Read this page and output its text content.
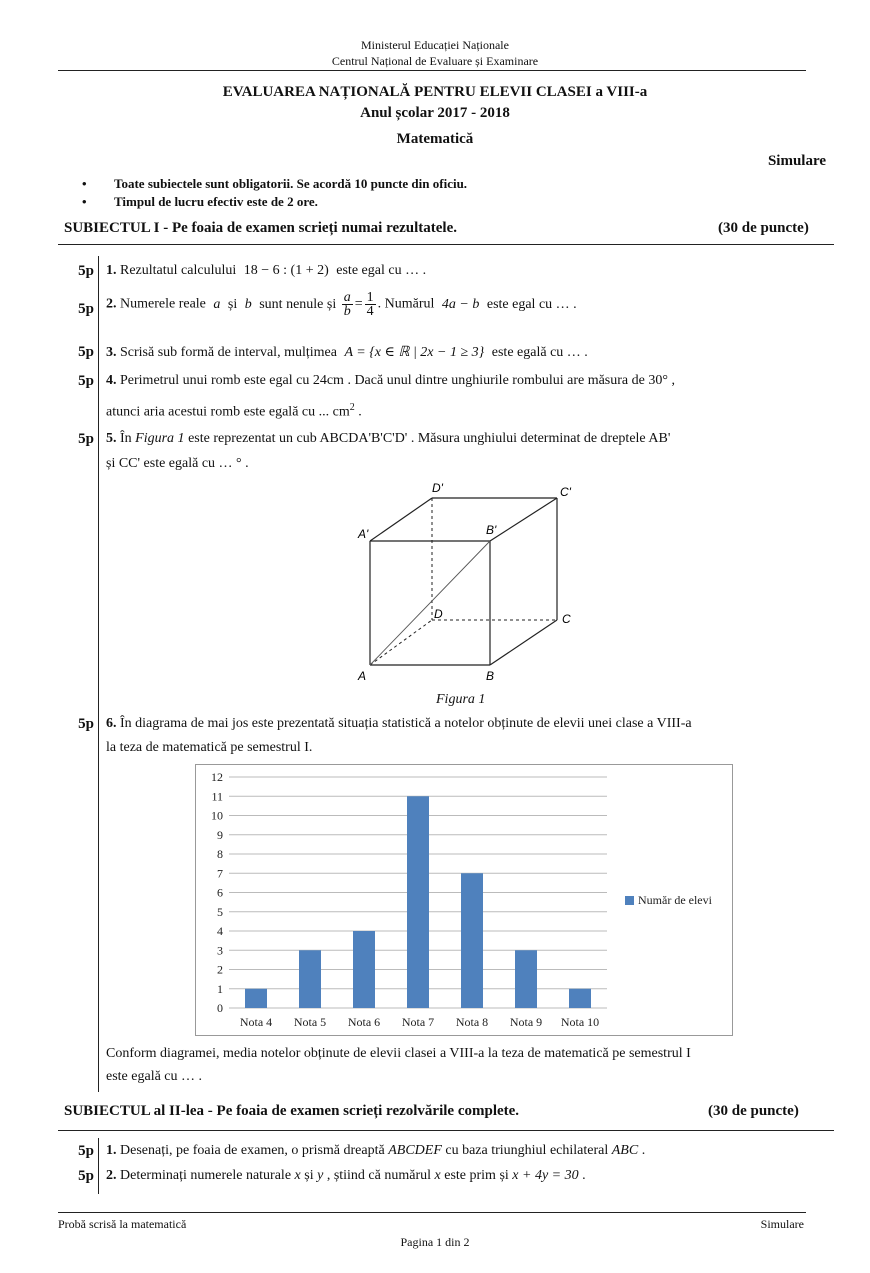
Ministerul Educației Naționale
Centrul Național de Evaluare și Examinare
EVALUAREA NAȚIONALĂ PENTRU ELEVII CLASEI a VIII-a
Anul școlar 2017 - 2018
Matematică
Simulare
• Toate subiectele sunt obligatorii. Se acordă 10 puncte din oficiu.
• Timpul de lucru efectiv este de 2 ore.
SUBIECTUL I - Pe foaia de examen scrieți numai rezultatele.	(30 de puncte)
5p 1. Rezultatul calculului 18 − 6 : (1 + 2) este egal cu … .
5p 2. Numerele reale a și b sunt nenule și $\frac{a}{b} = \frac{1}{4}$ . Numărul 4a − b este egal cu … .
5p 3. Scrisă sub formă de interval, mulțimea A = {x ∈ ℝ | 2x − 1 ≥ 3} este egală cu … .
5p 4. Perimetrul unui romb este egal cu 24cm . Dacă unul dintre unghiurile rombului are măsura de 30° ,
atunci aria acestui romb este egală cu ... $cm^2$ .
5p 5. În Figura 1 este reprezentat un cub ABCDA'B'C'D' . Măsura unghiului determinat de dreptele AB'
și CC' este egală cu … ° .
A	B
C
D
A'	B'
C'
D'
Figura 1
5p 6. În diagrama de mai jos este prezentată situația statistică a notelor obținute de elevii unei clase a VIII-a
la teza de matematică pe semestrul I.
0
1
2
3
4
5
6
7
8
9
10
11
12
Nota 4 Nota 5 Nota 6 Nota 7 Nota 8 Nota 9 Nota 10
Număr de elevi
Conform diagramei, media notelor obținute de elevii clasei a VIII-a la teza de matematică pe semestrul I
este egală cu … .
SUBIECTUL al II-lea - Pe foaia de examen scrieți rezolvările complete.	(30 de puncte)
5p 1. Desenați, pe foaia de examen, o prismă dreaptă ABCDEF cu baza triunghiul echilateral ABC .
5p 2. Determinați numerele naturale x și y , știind că numărul x este prim și x + 4y = 30 .
Probă scrisă la matematică	Simulare
Pagina 1 din 2
